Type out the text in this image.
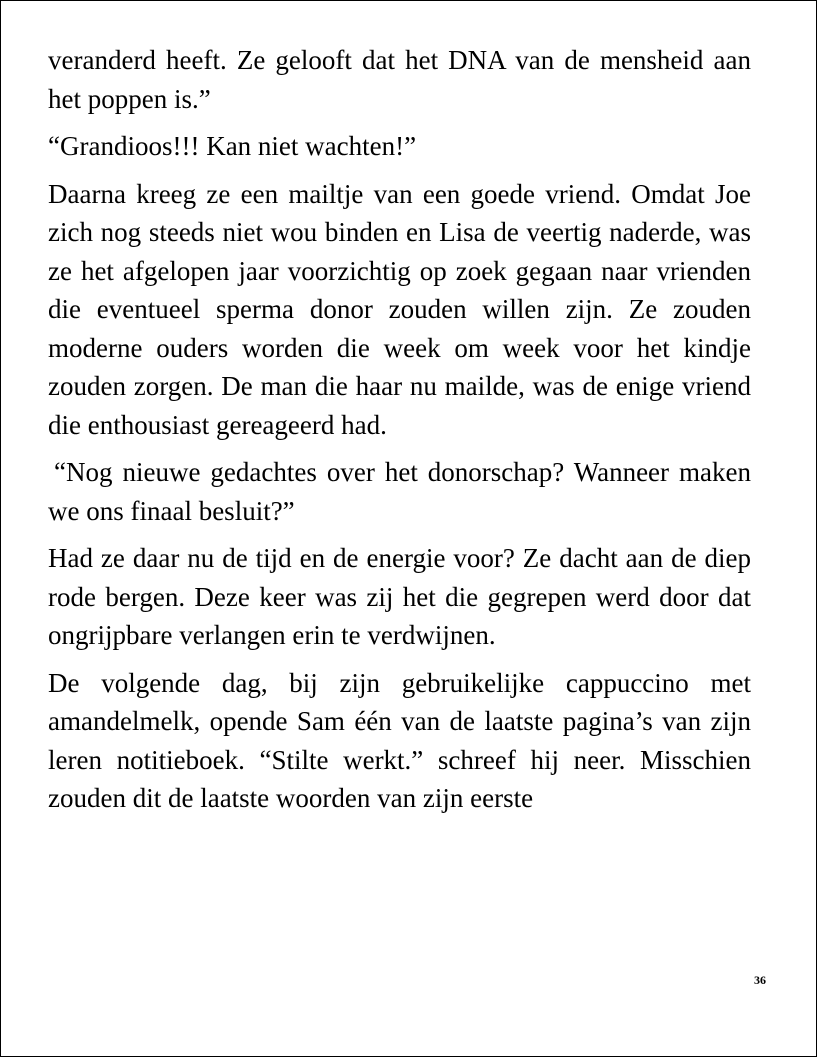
veranderd heeft. Ze gelooft dat het DNA van de mensheid aan het poppen is.”

“Grandioos!!! Kan niet wachten!”

Daarna kreeg ze een mailtje van een goede vriend. Omdat Joe zich nog steeds niet wou binden en Lisa de veertig naderde, was ze het afgelopen jaar voorzichtig op zoek gegaan naar vrienden die eventueel sperma donor zouden willen zijn. Ze zouden moderne ouders worden die week om week voor het kindje zouden zorgen. De man die haar nu mailde, was de enige vriend die enthousiast gereageerd had.

“Nog nieuwe gedachtes over het donorschap? Wanneer maken we ons finaal besluit?”

Had ze daar nu de tijd en de energie voor? Ze dacht aan de diep rode bergen. Deze keer was zij het die gegrepen werd door dat ongrijpbare verlangen erin te verdwijnen.

De volgende dag, bij zijn gebruikelijke cappuccino met amandelmelk, opende Sam één van de laatste pagina’s van zijn leren notitieboek. “Stilte werkt.” schreef hij neer. Misschien zouden dit de laatste woorden van zijn eerste

36
